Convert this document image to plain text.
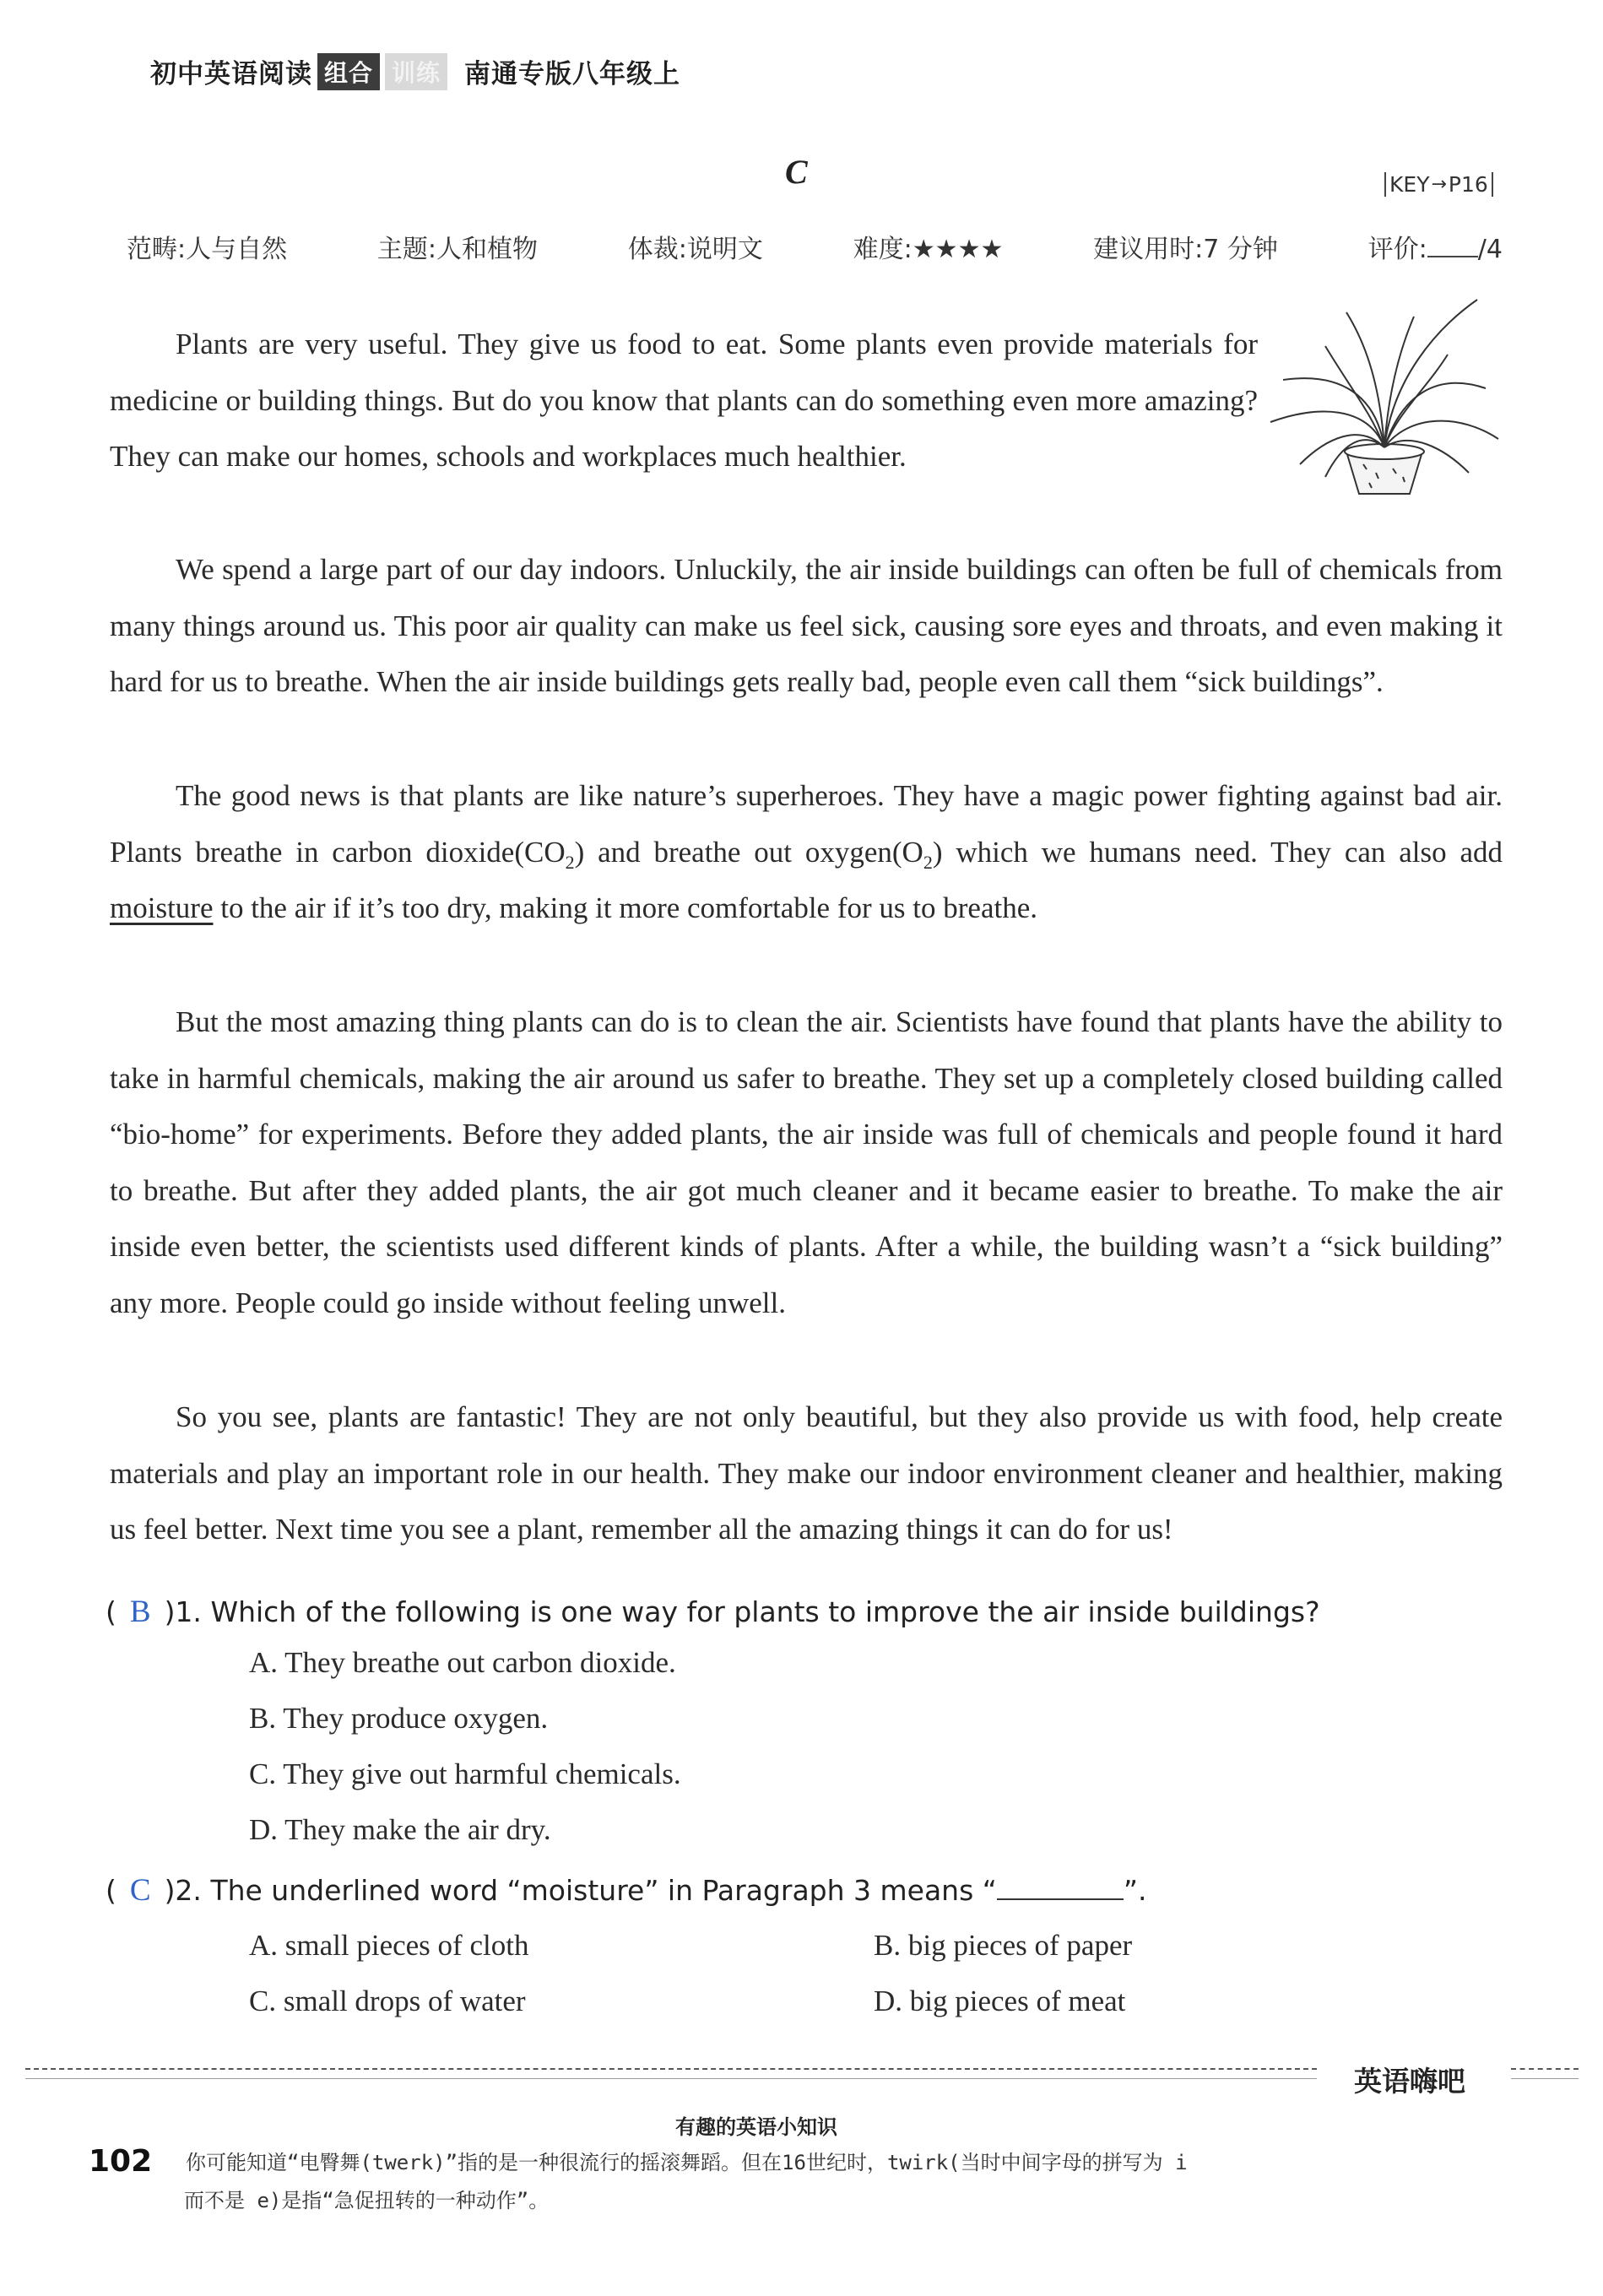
初中英语阅读 组合 训练 南通专版八年级上
C	KEY → P16
范畴:人与自然	主题:人和植物	体裁:说明文	难度:★★★★	建议用时:7 分钟	评价: /4

Plants are very useful. They give us food to eat. Some plants even provide materials for medicine or building things. But do you know that plants can do something even more amazing? They can make our homes, schools and workplaces much healthier.

We spend a large part of our day indoors. Unluckily, the air inside buildings can often be full of chemicals from many things around us. This poor air quality can make us feel sick, causing sore eyes and throats, and even making it hard for us to breathe. When the air inside buildings gets really bad, people even call them “sick buildings”.

The good news is that plants are like nature’s superheroes. They have a magic power fighting against bad air. Plants breathe in carbon $dioxide(CO_2)$ and breathe out $oxygen(O_2)$ which we humans need. They can also add moisture to the air if it’s too dry, making it more comfortable for us to breathe.

But the most amazing thing plants can do is to clean the air. Scientists have found that plants have the ability to take in harmful chemicals, making the air around us safer to breathe. They set up a completely closed building called “bio-home” for experiments. Before they added plants, the air inside was full of chemicals and people found it hard to breathe. But after they added plants, the air got much cleaner and it became easier to breathe. To make the air inside even better, the scientists used different kinds of plants. After a while, the building wasn’t a “sick building” any more. People could go inside without feeling unwell.

So you see, plants are fantastic! They are not only beautiful, but they also provide us with food, help create materials and play an important role in our health. They make our indoor environment cleaner and healthier, making us feel better. Next time you see a plant, remember all the amazing things it can do for us!

( B )1. Which of the following is one way for plants to improve the air inside buildings?
A. They breathe out carbon dioxide.
B. They produce oxygen.
C. They give out harmful chemicals.
D. They make the air dry.
( C )2. The underlined word “moisture” in Paragraph 3 means “	”.
A. small pieces of cloth	B. big pieces of paper
C. small drops of water	D. big pieces of meat
英语嗨吧
有趣的英语小知识
102 你可能知道“电臀舞(twerk)”指的是一种很流行的摇滚舞蹈。但在16世纪时，twirk(当时中间字母的拼写为 i
而不是 e)是指“急促扭转的一种动作”。
